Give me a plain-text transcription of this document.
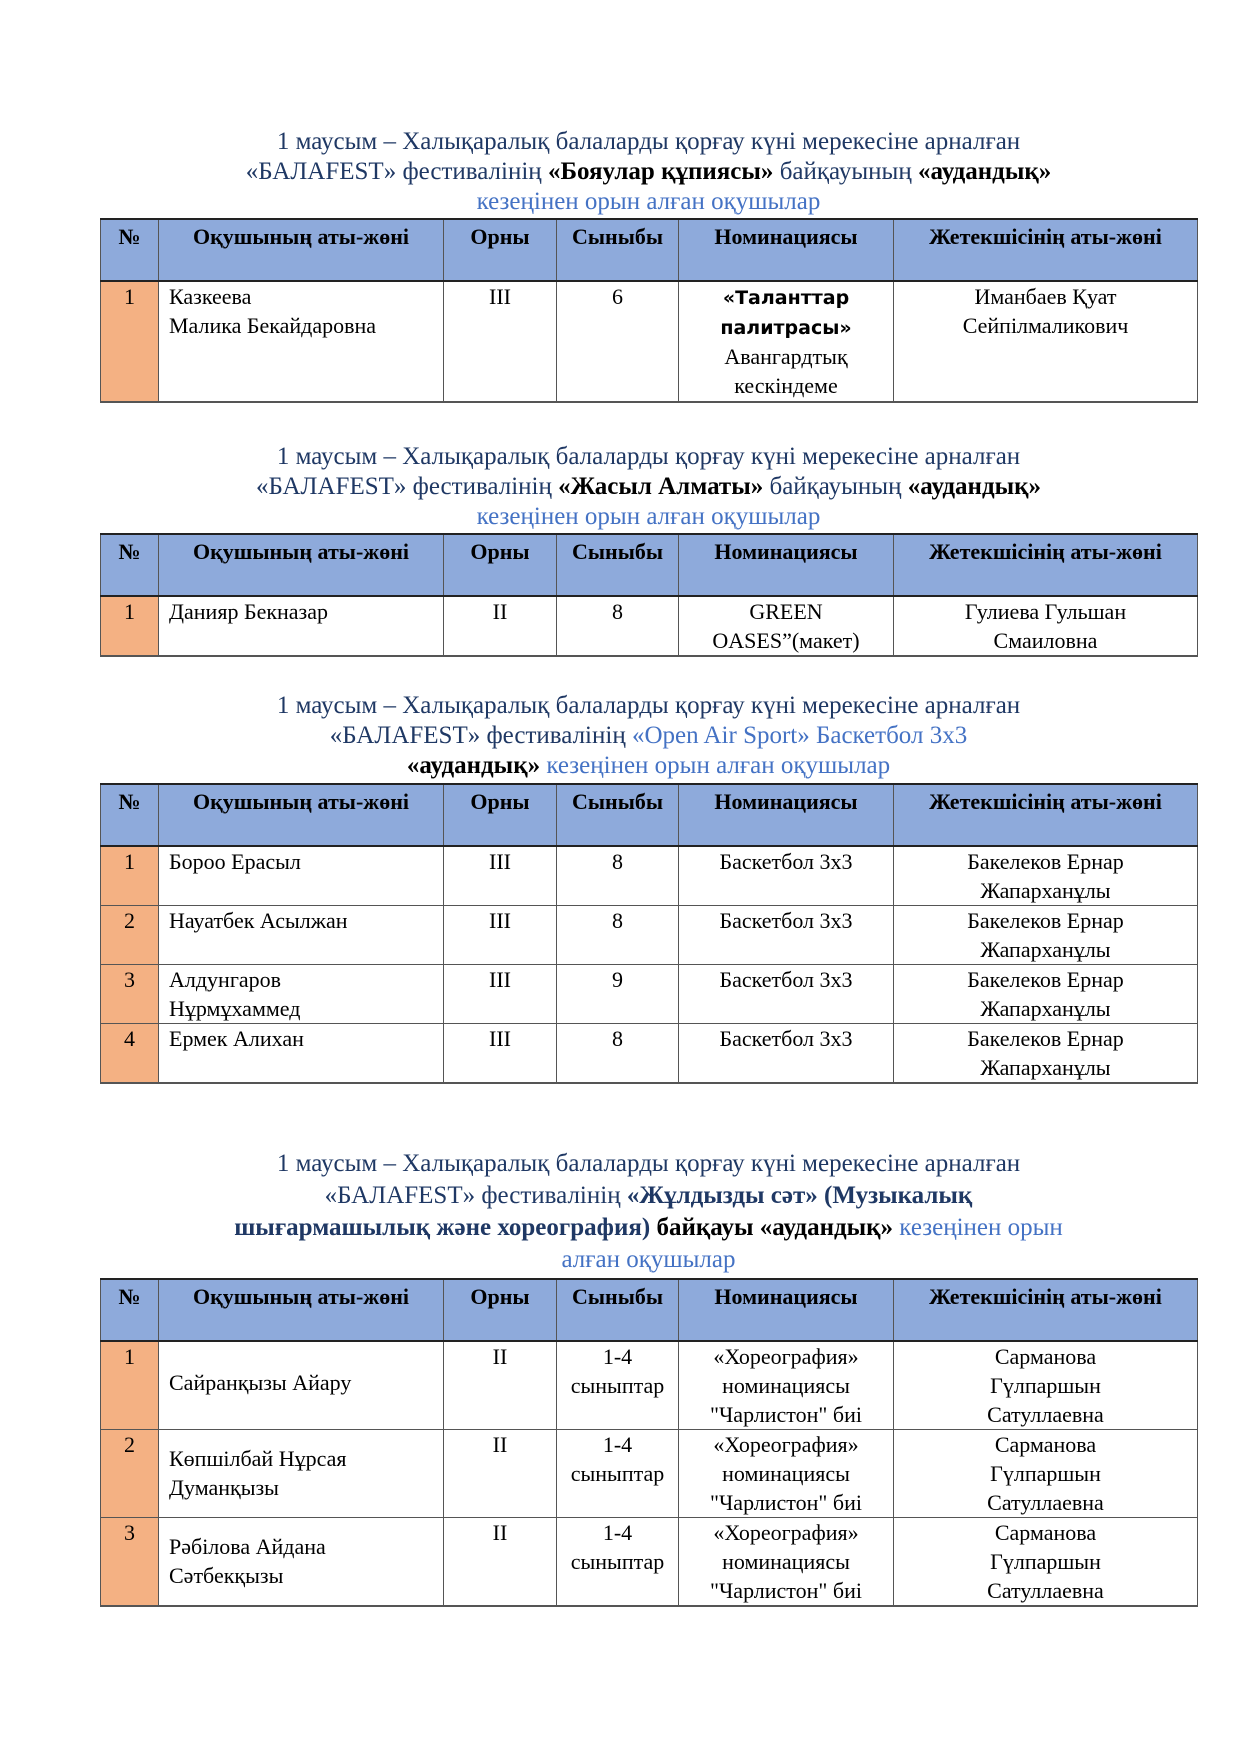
1 маусым – Халықаралық балаларды қорғау күні мерекесіне арналған
«БАЛАFEST» фестивалінің «Бояулар құпиясы» байқауының «аудандық»
кезеңінен орын алған оқушылар

№	Оқушының аты-жөні	Орны	Сыныбы	Номинациясы	Жетекшісінің аты-жөні
1	Казкеева
Малика Бекайдаровна	III	6	«Таланттар
палитрасы»
Авангардтық
кескіндеме	Иманбаев Қуат
Сейпілмаликович

1 маусым – Халықаралық балаларды қорғау күні мерекесіне арналған
«БАЛАFEST» фестивалінің «Жасыл Алматы» байқауының «аудандық»
кезеңінен орын алған оқушылар

№	Оқушының аты-жөні	Орны	Сыныбы	Номинациясы	Жетекшісінің аты-жөні
1	Данияр Бекназар	II	8	GREEN
OASES”(макет)	Гулиева Гульшан
Смаиловна

1 маусым – Халықаралық балаларды қорғау күні мерекесіне арналған
«БАЛАFEST» фестивалінің «Open Air Sport» Баскетбол 3х3
«аудандық» кезеңінен орын алған оқушылар

№	Оқушының аты-жөні	Орны	Сыныбы	Номинациясы	Жетекшісінің аты-жөні
1	Бороо Ерасыл	III	8	Баскетбол 3х3	Бакелеков Ернар
Жапарханұлы
2	Науатбек Асылжан	III	8	Баскетбол 3х3	Бакелеков Ернар
Жапарханұлы
3	Алдунгаров
Нұрмұхаммед	III	9	Баскетбол 3х3	Бакелеков Ернар
Жапарханұлы
4	Ермек Алихан	III	8	Баскетбол 3х3	Бакелеков Ернар
Жапарханұлы

1 маусым – Халықаралық балаларды қорғау күні мерекесіне арналған
«БАЛАFEST» фестивалінің «Жұлдызды сәт» (Музыкалық
шығармашылық және хореография) байқауы «аудандық» кезеңінен орын
алған оқушылар

№	Оқушының аты-жөні	Орны	Сыныбы	Номинациясы	Жетекшісінің аты-жөні
1	Сайранқызы Айару	II	1-4
сыныптар	«Хореография»
номинациясы
"Чарлистон" биі	Сарманова
Гүлпаршын
Сатуллаевна
2	Көпшілбай Нұрсая
Думанқызы	II	1-4
сыныптар	«Хореография»
номинациясы
"Чарлистон" биі	Сарманова
Гүлпаршын
Сатуллаевна
3	Рәбілова Айдана
Сәтбекқызы	II	1-4
сыныптар	«Хореография»
номинациясы
"Чарлистон" биі	Сарманова
Гүлпаршын
Сатуллаевна
